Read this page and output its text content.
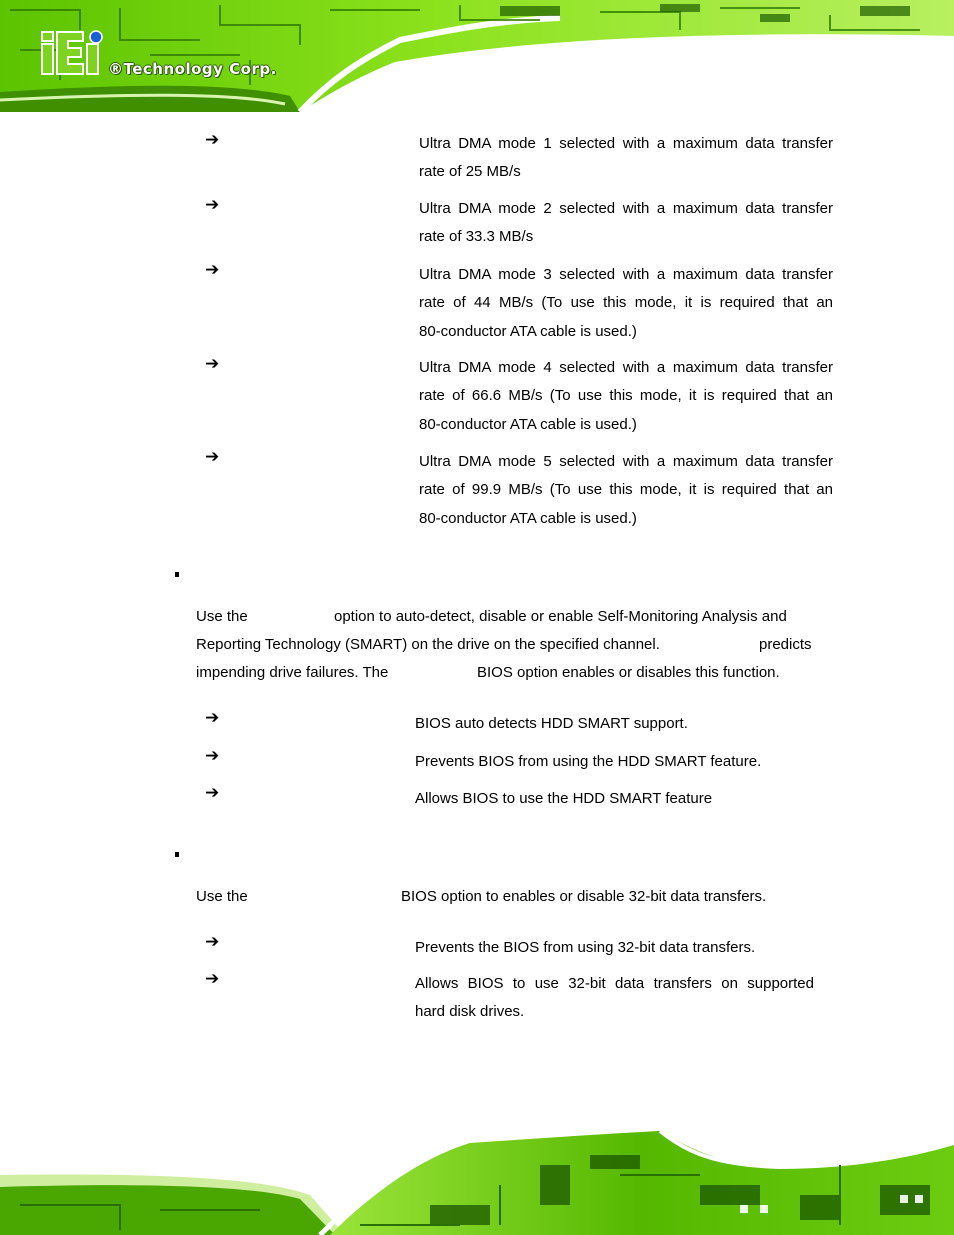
®Technology Corp.
➔	Ultra DMA mode 1 selected with a maximum data transfer
rate of 25 MB/s
➔	Ultra DMA mode 2 selected with a maximum data transfer
rate of 33.3 MB/s
➔	Ultra DMA mode 3 selected with a maximum data transfer
rate of 44 MB/s (To use this mode, it is required that an
80-conductor ATA cable is used.)
➔	Ultra DMA mode 4 selected with a maximum data transfer
rate of 66.6 MB/s (To use this mode, it is required that an
80-conductor ATA cable is used.)
➔	Ultra DMA mode 5 selected with a maximum data transfer
rate of 99.9 MB/s (To use this mode, it is required that an
80-conductor ATA cable is used.)
Use the	option to auto-detect, disable or enable Self-Monitoring Analysis and
Reporting Technology (SMART) on the drive on the specified channel.	predicts
impending drive failures. The	BIOS option enables or disables this function.
➔	BIOS auto detects HDD SMART support.
➔	Prevents BIOS from using the HDD SMART feature.
➔	Allows BIOS to use the HDD SMART feature
Use the	BIOS option to enables or disable 32-bit data transfers.
➔	Prevents the BIOS from using 32-bit data transfers.
➔	Allows BIOS to use 32-bit data transfers on supported
hard disk drives.
